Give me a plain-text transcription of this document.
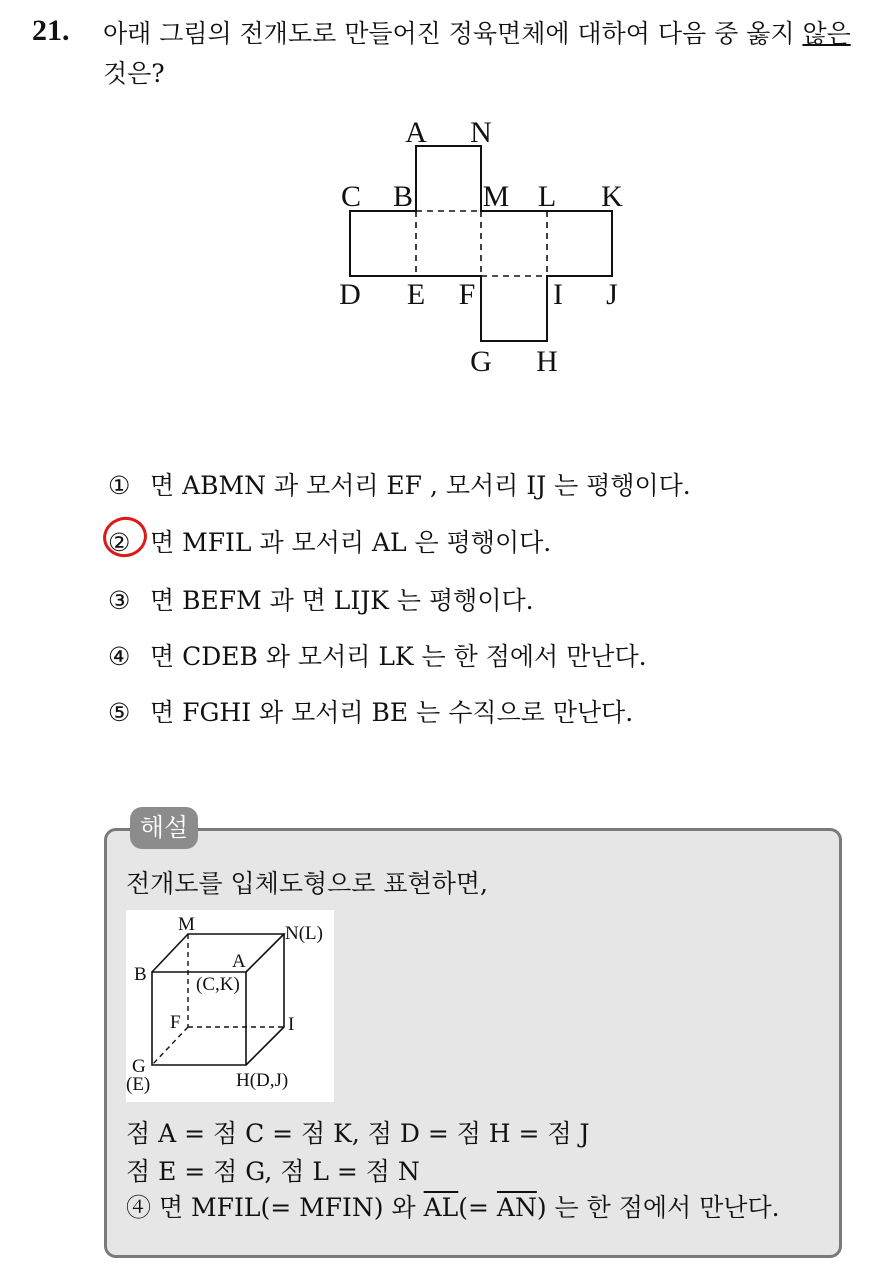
21. 아래 그림의 전개도로 만들어진 정육면체에 대하여 다음 중 옳지 않은
것은?
A N
C B M L K
D E F	I J
G H
① 면 ABMN 과 모서리 EF , 모서리 IJ 는 평행이다.
② 면 MFIL 과 모서리 AL 은 평행이다.
③ 면 BEFM 과 면 LIJK 는 평행이다.
④ 면 CDEB 와 모서리 LK 는 한 점에서 만난다.
⑤ 면 FGHI 와 모서리 BE 는 수직으로 만난다.
해설
전개도를 입체도형으로 표현하면,
M	N(L)
B
A
(C,K)
F	I
G
(E)	H(D,J)
점 A = 점 C = 점 K, 점 D = 점 H = 점 J
점 E = 점 G, 점 L = 점 N
④ 면 MFIL(= MFIN) 와 $\overline{AL}(= \overline{AN})$ 는 한 점에서 만난다.
